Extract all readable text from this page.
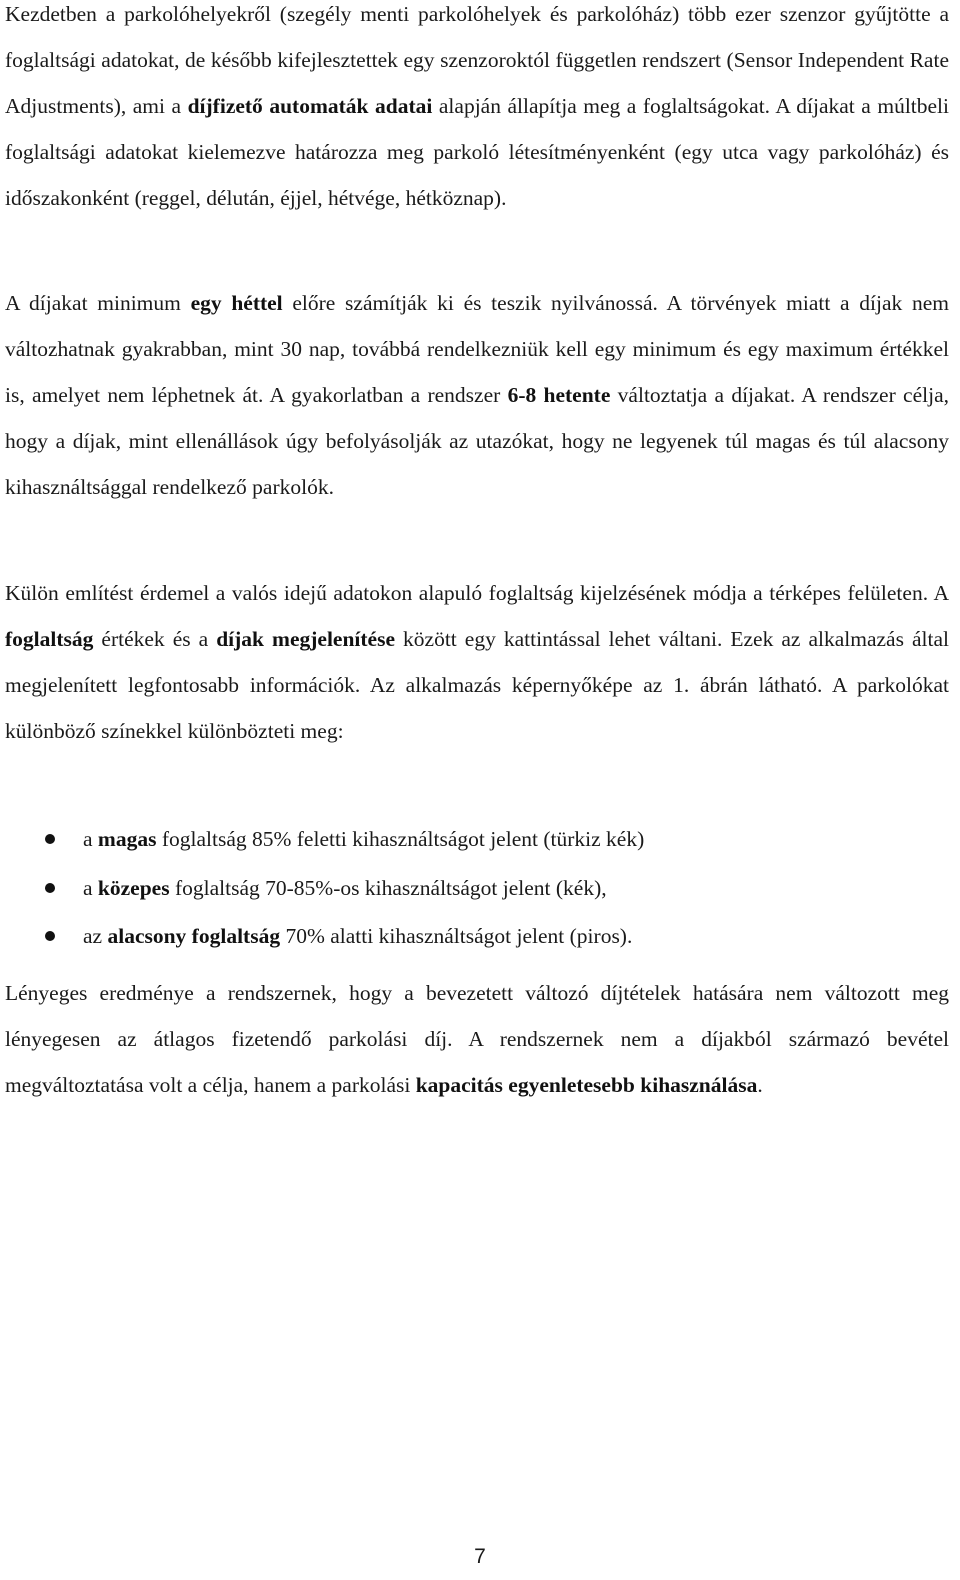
Kezdetben a parkolóhelyekről (szegély menti parkolóhelyek és parkolóház) több ezer szenzor gyűjtötte a foglaltsági adatokat, de később kifejlesztettek egy szenzoroktól független rendszert (Sensor Independent Rate Adjustments), ami a díjfizető automaták adatai alapján állapítja meg a foglaltságokat. A díjakat a múltbeli foglaltsági adatokat kielemezve határozza meg parkoló létesítményenként (egy utca vagy parkolóház) és időszakonként (reggel, délután, éjjel, hétvége, hétköznap).

A díjakat minimum egy héttel előre számítják ki és teszik nyilvánossá. A törvények miatt a díjak nem változhatnak gyakrabban, mint 30 nap, továbbá rendelkezniük kell egy minimum és egy maximum értékkel is, amelyet nem léphetnek át. A gyakorlatban a rendszer 6-8 hetente változtatja a díjakat. A rendszer célja, hogy a díjak, mint ellenállások úgy befolyásolják az utazókat, hogy ne legyenek túl magas és túl alacsony kihasználtsággal rendelkező parkolók.

Külön említést érdemel a valós idejű adatokon alapuló foglaltság kijelzésének módja a térképes felületen. A foglaltság értékek és a díjak megjelenítése között egy kattintással lehet váltani. Ezek az alkalmazás által megjelenített legfontosabb információk. Az alkalmazás képernyőképe az 1. ábrán látható. A parkolókat különböző színekkel különbözteti meg:

a magas foglaltság 85% feletti kihasználtságot jelent (türkiz kék)
a közepes foglaltság 70-85%-os kihasználtságot jelent (kék),
az alacsony foglaltság 70% alatti kihasználtságot jelent (piros).

Lényeges eredménye a rendszernek, hogy a bevezetett változó díjtételek hatására nem változott meg lényegesen az átlagos fizetendő parkolási díj. A rendszernek nem a díjakból származó bevétel megváltoztatása volt a célja, hanem a parkolási kapacitás egyenletesebb kihasználása.

7
